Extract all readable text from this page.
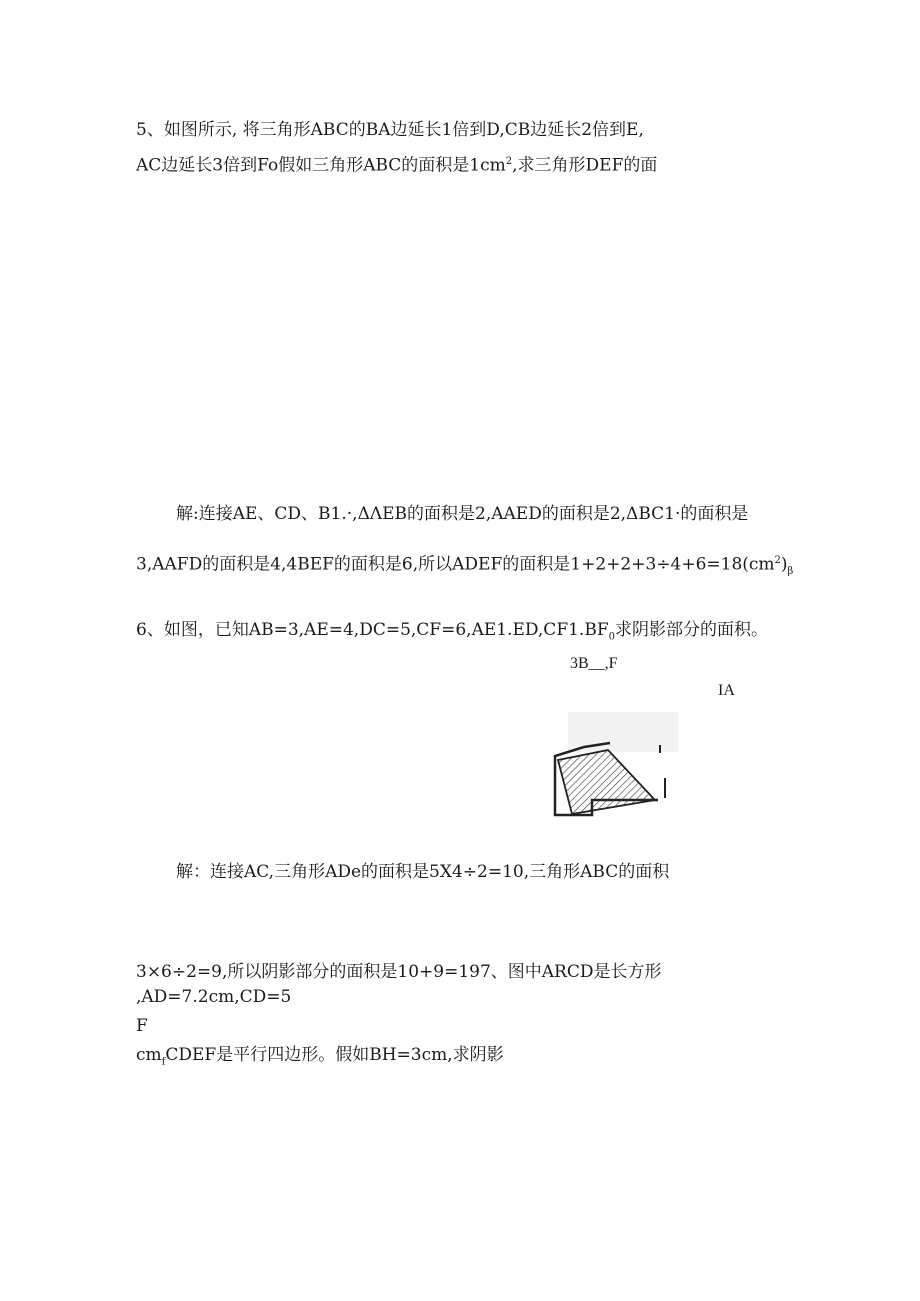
5、如图所示, 将三角形ABC的BA边延长1倍到D,CB边延长2倍到E,
AC边延长3倍到Fo假如三角形ABC的面积是$1cm^2$,求三角形DEF的面
解:连接AE、CD、B1.·,ΔΛEB的面积是2,AAED的面积是2,ΔBC1·的面积是
3,AAFD的面积是4,4BEF的面积是6,所以ADEF的面积是$1+2+2+3\div 4+6=18(cm^2)_\beta$
6、如图，已知$AB=3,AE=4,DC=5,CF=6,AE1.ED,CF1.BF_0$求阴影部分的面积。
3B__,F
IA
解：连接AC,三角形ADe的面积是5X4÷2=10,三角形ABC的面积
3×6÷2=9,所以阴影部分的面积是10+9=197、图中ARCD是长方形
,AD=7.2cm,CD=5
F
$cm_fCDEF$是平行四边形。假如BH=3cm,求阴影
